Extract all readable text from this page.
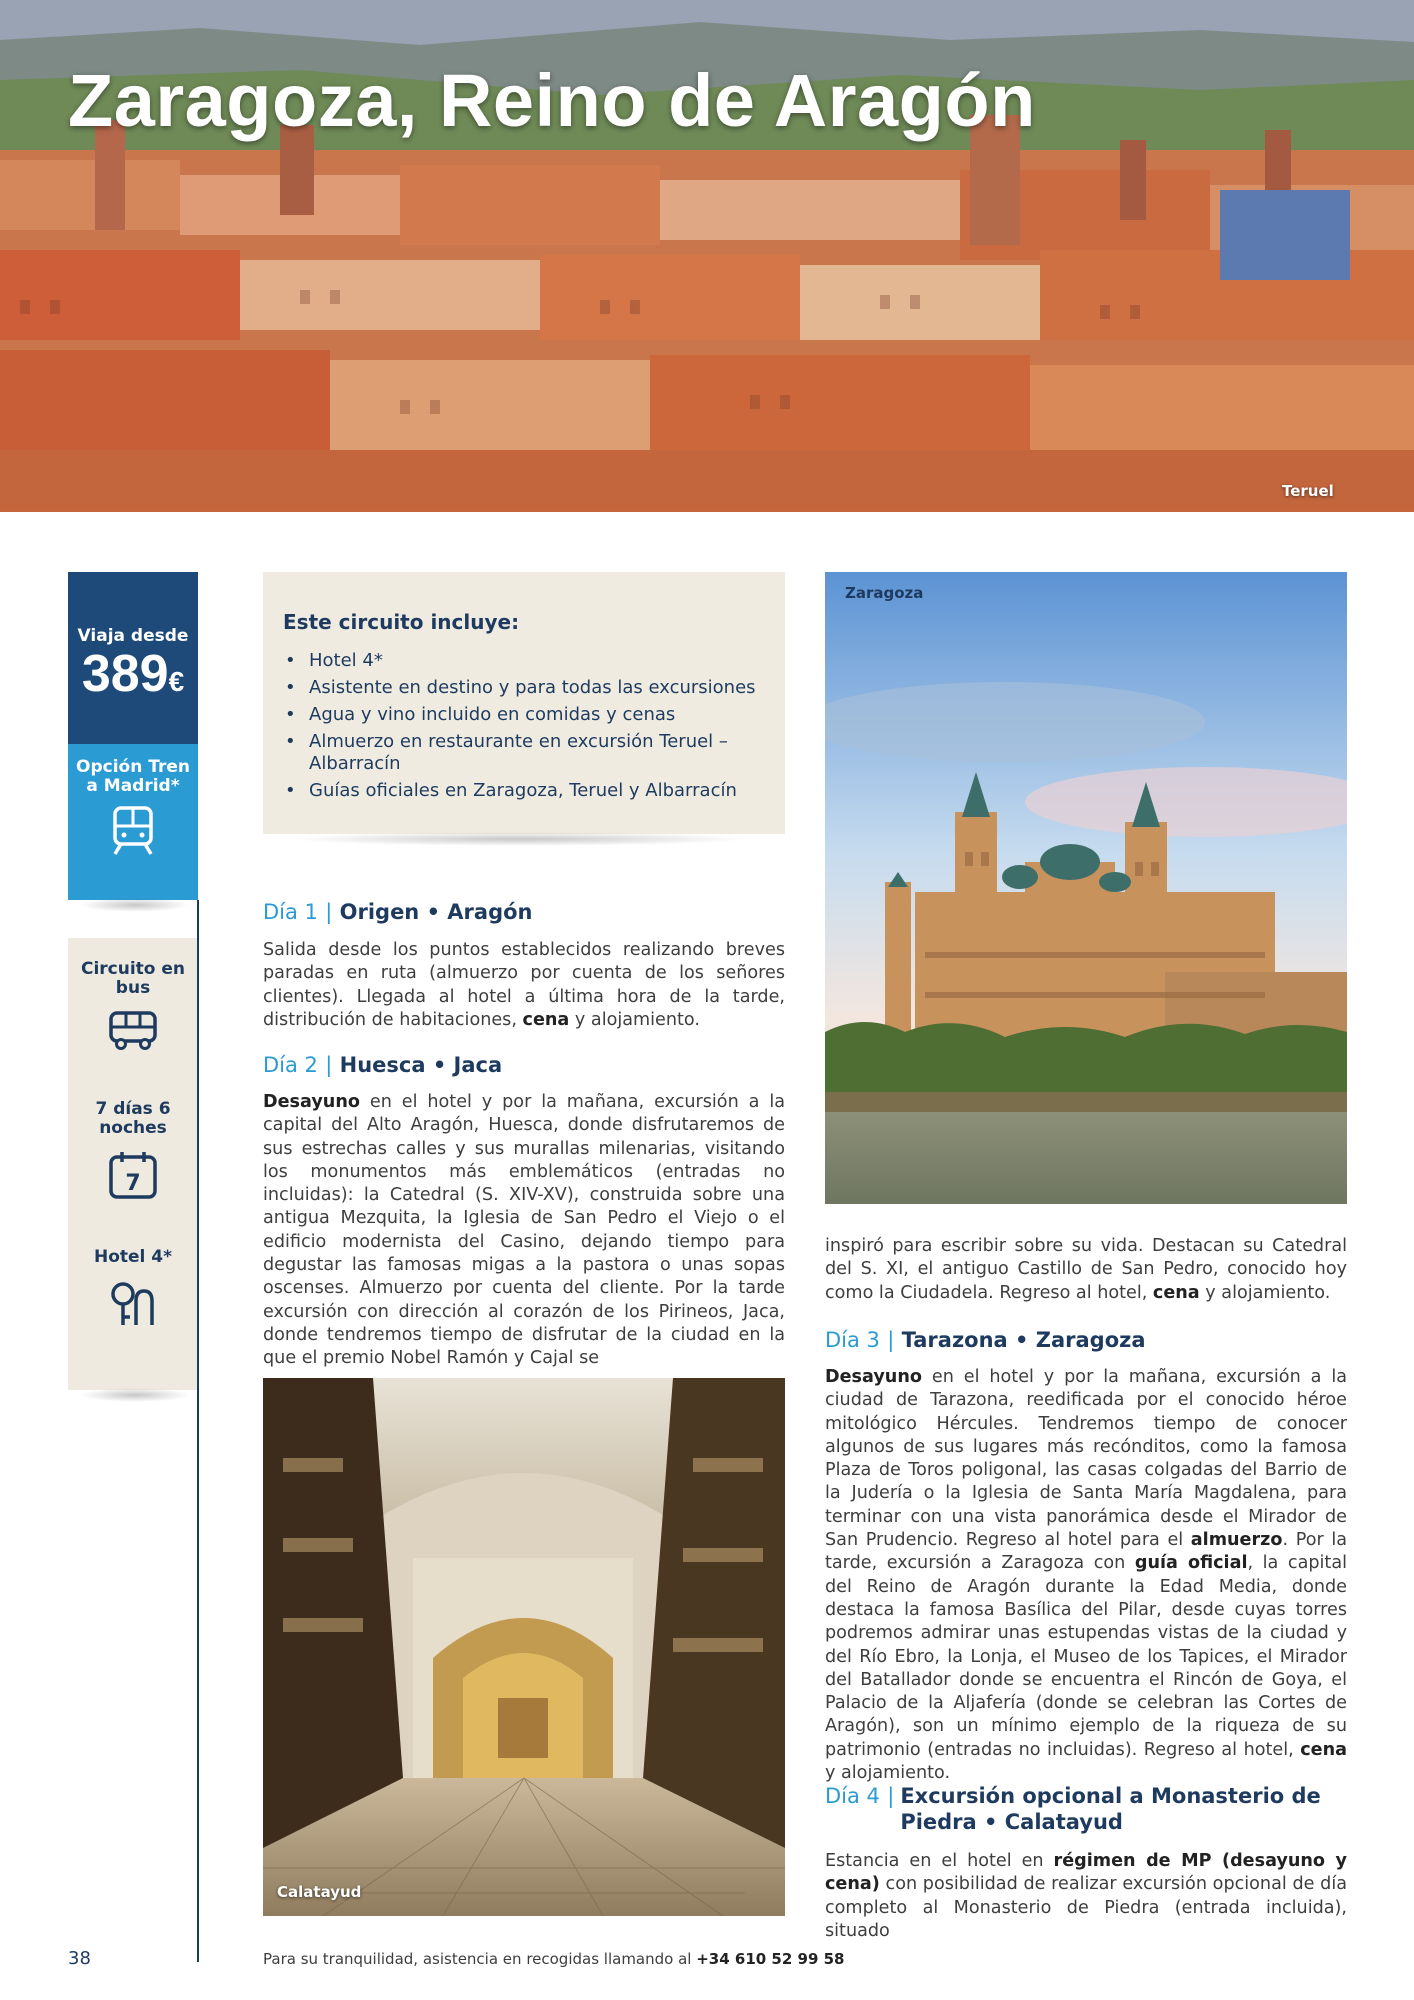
Zaragoza, Reino de Aragón
Teruel
Viaja desde
389€
Opción Tren a Madrid*
Circuito en bus
7 días 6 noches
7
Hotel 4*
Este circuito incluye:
• Hotel 4*
• Asistente en destino y para todas las excursiones
• Agua y vino incluido en comidas y cenas
• Almuerzo en restaurante en excursión Teruel – Albarracín
• Guías oficiales en Zaragoza, Teruel y Albarracín
Día 1 | Origen • Aragón
Salida desde los puntos establecidos realizando breves paradas en ruta (almuerzo por cuenta de los señores clientes). Llegada al hotel a última hora de la tarde, distribución de habitaciones, cena y alojamiento.
Día 2 | Huesca • Jaca
Desayuno en el hotel y por la mañana, excursión a la capital del Alto Aragón, Huesca, donde disfrutaremos de sus estrechas calles y sus murallas milenarias, visitando los monumentos más emblemáticos (entradas no incluidas): la Catedral (S. XIV-XV), construida sobre una antigua Mezquita, la Iglesia de San Pedro el Viejo o el edificio modernista del Casino, dejando tiempo para degustar las famosas migas a la pastora o unas sopas oscenses. Almuerzo por cuenta del cliente. Por la tarde excursión con dirección al corazón de los Pirineos, Jaca, donde tendremos tiempo de disfrutar de la ciudad en la que el premio Nobel Ramón y Cajal se
Calatayud
Zaragoza
inspiró para escribir sobre su vida. Destacan su Catedral del S. XI, el antiguo Castillo de San Pedro, conocido hoy como la Ciudadela. Regreso al hotel, cena y alojamiento.
Día 3 | Tarazona • Zaragoza
Desayuno en el hotel y por la mañana, excursión a la ciudad de Tarazona, reedificada por el conocido héroe mitológico Hércules. Tendremos tiempo de conocer algunos de sus lugares más recónditos, como la famosa Plaza de Toros poligonal, las casas colgadas del Barrio de la Judería o la Iglesia de Santa María Magdalena, para terminar con una vista panorámica desde el Mirador de San Prudencio. Regreso al hotel para el almuerzo. Por la tarde, excursión a Zaragoza con guía oficial, la capital del Reino de Aragón durante la Edad Media, donde destaca la famosa Basílica del Pilar, desde cuyas torres podremos admirar unas estupendas vistas de la ciudad y del Río Ebro, la Lonja, el Museo de los Tapices, el Mirador del Batallador donde se encuentra el Rincón de Goya, el Palacio de la Aljafería (donde se celebran las Cortes de Aragón), son un mínimo ejemplo de la riqueza de su patrimonio (entradas no incluidas). Regreso al hotel, cena y alojamiento.
Día 4 | Excursión opcional a Monasterio de Piedra • Calatayud
Estancia en el hotel en régimen de MP (desayuno y cena) con posibilidad de realizar excursión opcional de día completo al Monasterio de Piedra (entrada incluida), situado
38	Para su tranquilidad, asistencia en recogidas llamando al +34 610 52 99 58
